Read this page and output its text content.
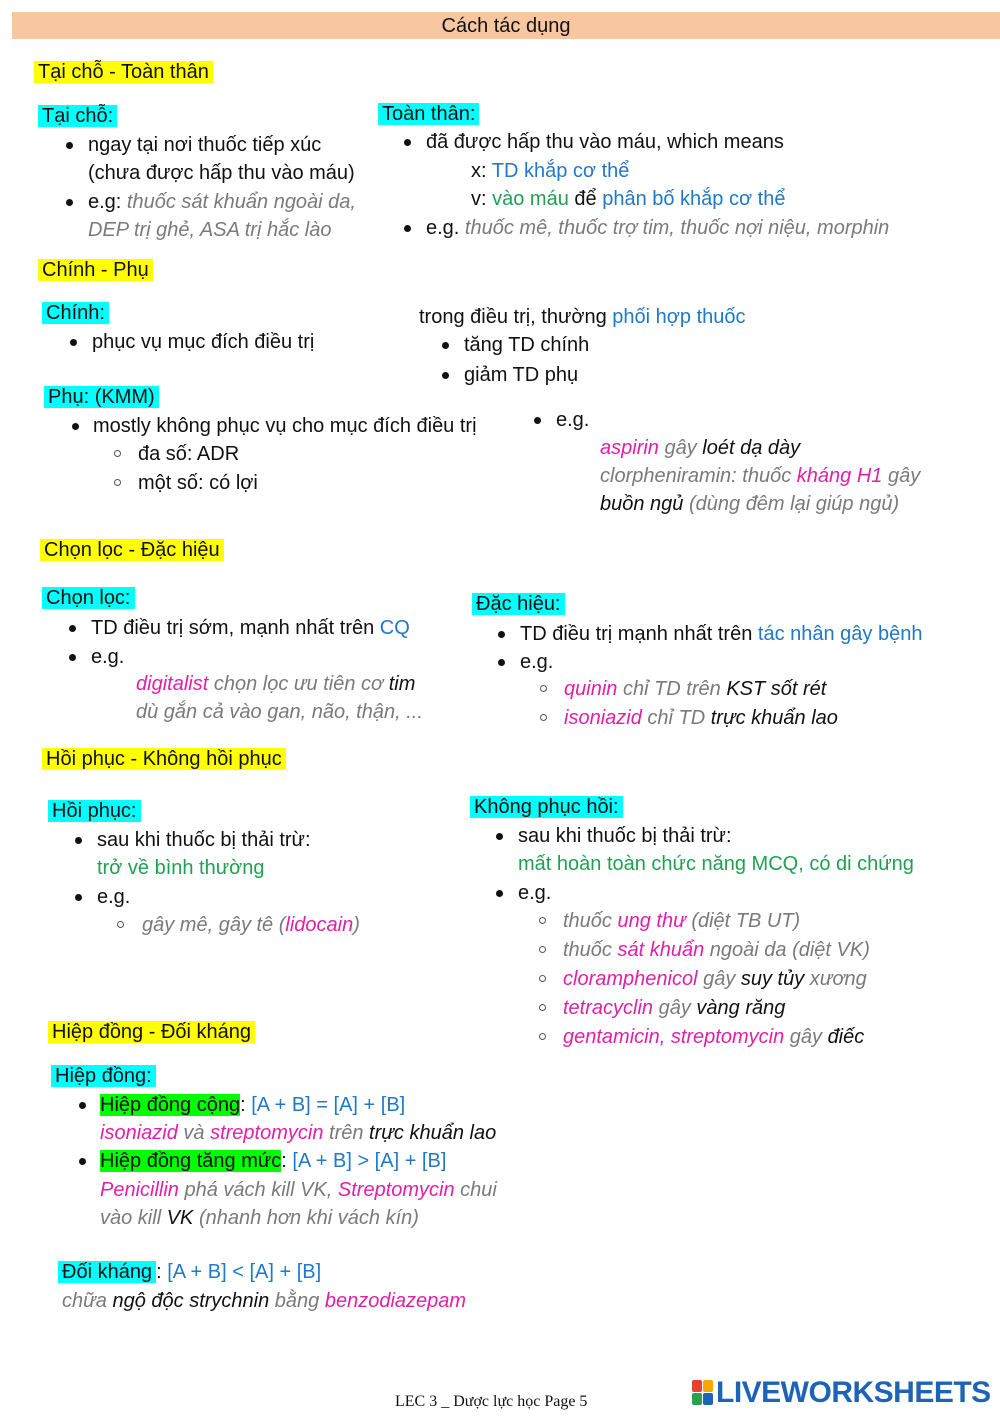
Cách tác dụng
Tại chỗ - Toàn thân
Tại chỗ:
ngay tại nơi thuốc tiếp xúc
(chưa được hấp thu vào máu)
e.g: thuốc sát khuẩn ngoài da,
DEP trị ghẻ, ASA trị hắc lào
Toàn thân:
đã được hấp thu vào máu, which means
x: TD khắp cơ thể
v: vào máu để phân bố khắp cơ thể
e.g. thuốc mê, thuốc trợ tim, thuốc nợi niệu, morphin
Chính - Phụ
Chính:
phục vụ mục đích điều trị
trong điều trị, thường phối hợp thuốc
tăng TD chính
giảm TD phụ
Phụ: (KMM)
mostly không phục vụ cho mục đích điều trị
đa số: ADR
một số: có lợi
e.g.
aspirin gây loét dạ dày
clorpheniramin: thuốc kháng H1 gây
buồn ngủ (dùng đêm lại giúp ngủ)
Chọn lọc - Đặc hiệu
Chọn lọc:
TD điều trị sớm, mạnh nhất trên CQ
e.g.
digitalist chọn lọc ưu tiên cơ tim
dù gắn cả vào gan, não, thận, ...
Đặc hiệu:
TD điều trị mạnh nhất trên tác nhân gây bệnh
e.g.
quinin chỉ TD trên KST sốt rét
isoniazid chỉ TD trực khuẩn lao
Hồi phục - Không hồi phục
Hồi phục:
sau khi thuốc bị thải trừ:
trở về bình thường
e.g.
gây mê, gây tê (lidocain)
Không phục hồi:
sau khi thuốc bị thải trừ:
mất hoàn toàn chức năng MCQ, có di chứng
e.g.
thuốc ung thư (diệt TB UT)
thuốc sát khuẩn ngoài da (diệt VK)
cloramphenicol gây suy tủy xương
tetracyclin gây vàng răng
gentamicin, streptomycin gây điếc
Hiệp đồng - Đối kháng
Hiệp đồng:
Hiệp đồng cộng: [A + B] = [A] + [B]
isoniazid và streptomycin trên trực khuẩn lao
Hiệp đồng tăng mức: [A + B] > [A] + [B]
Penicillin phá vách kill VK, Streptomycin chui
vào kill VK (nhanh hơn khi vách kín)
Đối kháng : [A + B] < [A] + [B]
chữa ngộ độc strychnin bằng benzodiazepam
LEC 3 _ Dược lực học Page 5	LIVEWORKSHEETS
